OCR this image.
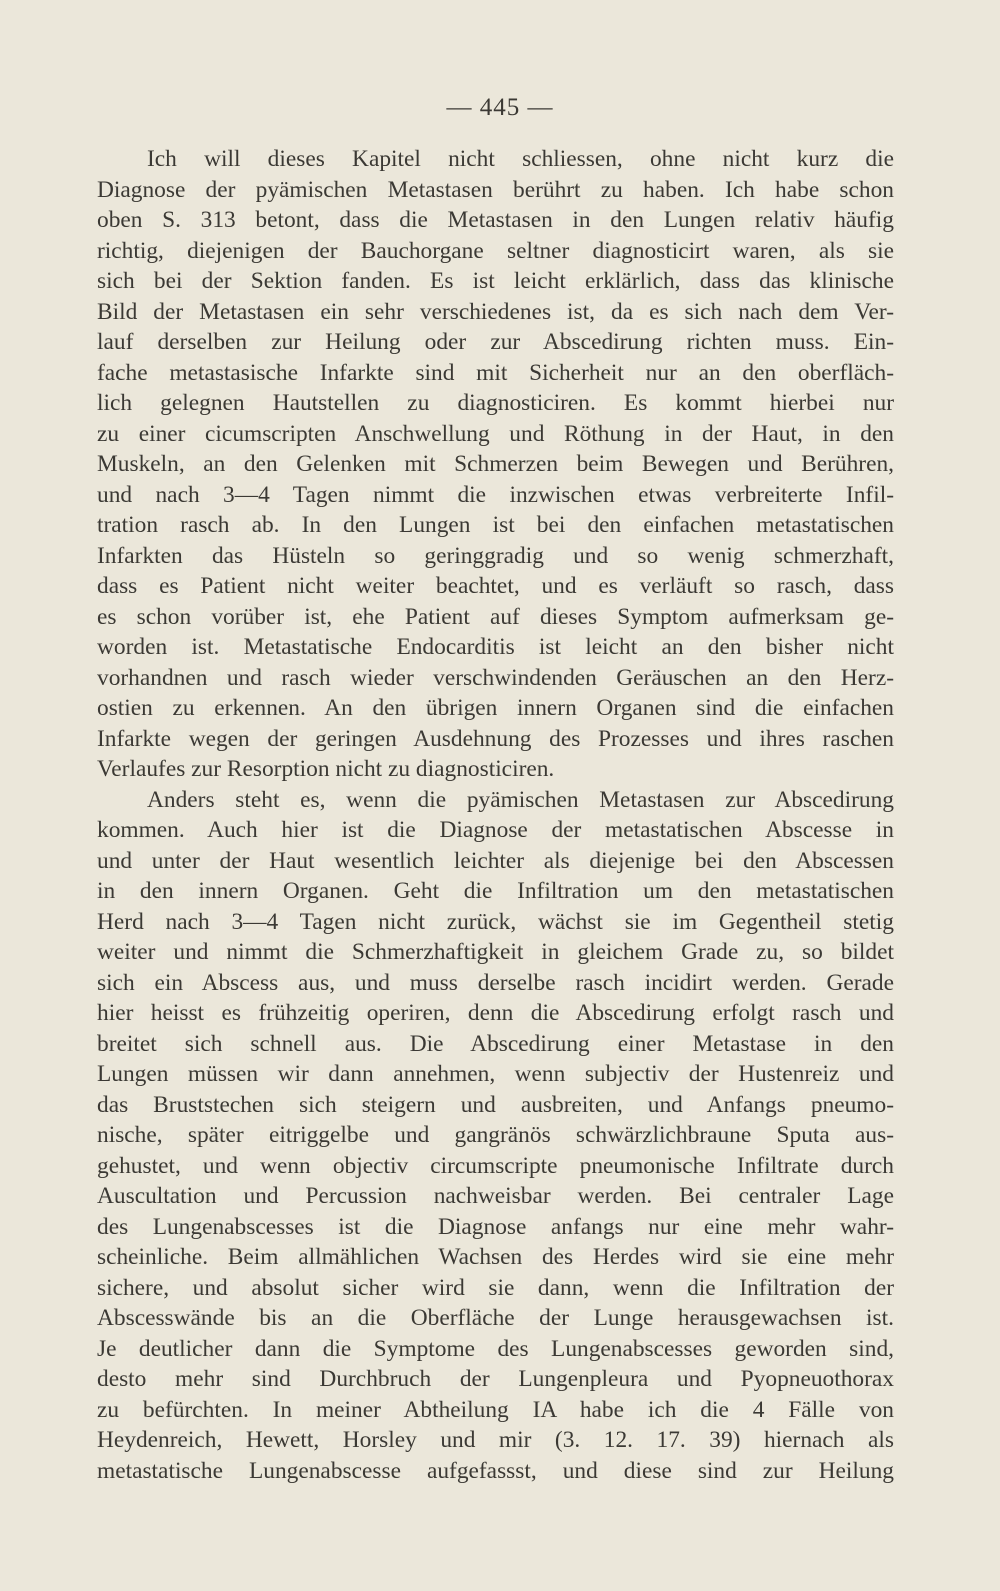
— 445 —
Ich will dieses Kapitel nicht schliessen, ohne nicht kurz die
Diagnose der pyämischen Metastasen berührt zu haben. Ich habe schon
oben S. 313 betont, dass die Metastasen in den Lungen relativ häufig
richtig, diejenigen der Bauchorgane seltner diagnosticirt waren, als sie
sich bei der Sektion fanden. Es ist leicht erklärlich, dass das klinische
Bild der Metastasen ein sehr verschiedenes ist, da es sich nach dem Ver-
lauf derselben zur Heilung oder zur Abscedirung richten muss. Ein-
fache metastasische Infarkte sind mit Sicherheit nur an den oberfläch-
lich gelegnen Hautstellen zu diagnosticiren. Es kommt hierbei nur
zu einer cicumscripten Anschwellung und Röthung in der Haut, in den
Muskeln, an den Gelenken mit Schmerzen beim Bewegen und Berühren,
und nach 3—4 Tagen nimmt die inzwischen etwas verbreiterte Infil-
tration rasch ab. In den Lungen ist bei den einfachen metastatischen
Infarkten das Hüsteln so geringgradig und so wenig schmerzhaft,
dass es Patient nicht weiter beachtet, und es verläuft so rasch, dass
es schon vorüber ist, ehe Patient auf dieses Symptom aufmerksam ge-
worden ist. Metastatische Endocarditis ist leicht an den bisher nicht
vorhandnen und rasch wieder verschwindenden Geräuschen an den Herz-
ostien zu erkennen. An den übrigen innern Organen sind die einfachen
Infarkte wegen der geringen Ausdehnung des Prozesses und ihres raschen
Verlaufes zur Resorption nicht zu diagnosticiren.
Anders steht es, wenn die pyämischen Metastasen zur Abscedirung
kommen. Auch hier ist die Diagnose der metastatischen Abscesse in
und unter der Haut wesentlich leichter als diejenige bei den Abscessen
in den innern Organen. Geht die Infiltration um den metastatischen
Herd nach 3—4 Tagen nicht zurück, wächst sie im Gegentheil stetig
weiter und nimmt die Schmerzhaftigkeit in gleichem Grade zu, so bildet
sich ein Abscess aus, und muss derselbe rasch incidirt werden. Gerade
hier heisst es frühzeitig operiren, denn die Abscedirung erfolgt rasch und
breitet sich schnell aus. Die Abscedirung einer Metastase in den
Lungen müssen wir dann annehmen, wenn subjectiv der Hustenreiz und
das Bruststechen sich steigern und ausbreiten, und Anfangs pneumo-
nische, später eitriggelbe und gangränös schwärzlichbraune Sputa aus-
gehustet, und wenn objectiv circumscripte pneumonische Infiltrate durch
Auscultation und Percussion nachweisbar werden. Bei centraler Lage
des Lungenabscesses ist die Diagnose anfangs nur eine mehr wahr-
scheinliche. Beim allmählichen Wachsen des Herdes wird sie eine mehr
sichere, und absolut sicher wird sie dann, wenn die Infiltration der
Abscesswände bis an die Oberfläche der Lunge herausgewachsen ist.
Je deutlicher dann die Symptome des Lungenabscesses geworden sind,
desto mehr sind Durchbruch der Lungenpleura und Pyopneuothorax
zu befürchten. In meiner Abtheilung IA habe ich die 4 Fälle von
Heydenreich, Hewett, Horsley und mir (3. 12. 17. 39) hiernach als
metastatische Lungenabscesse aufgefassst, und diese sind zur Heilung
